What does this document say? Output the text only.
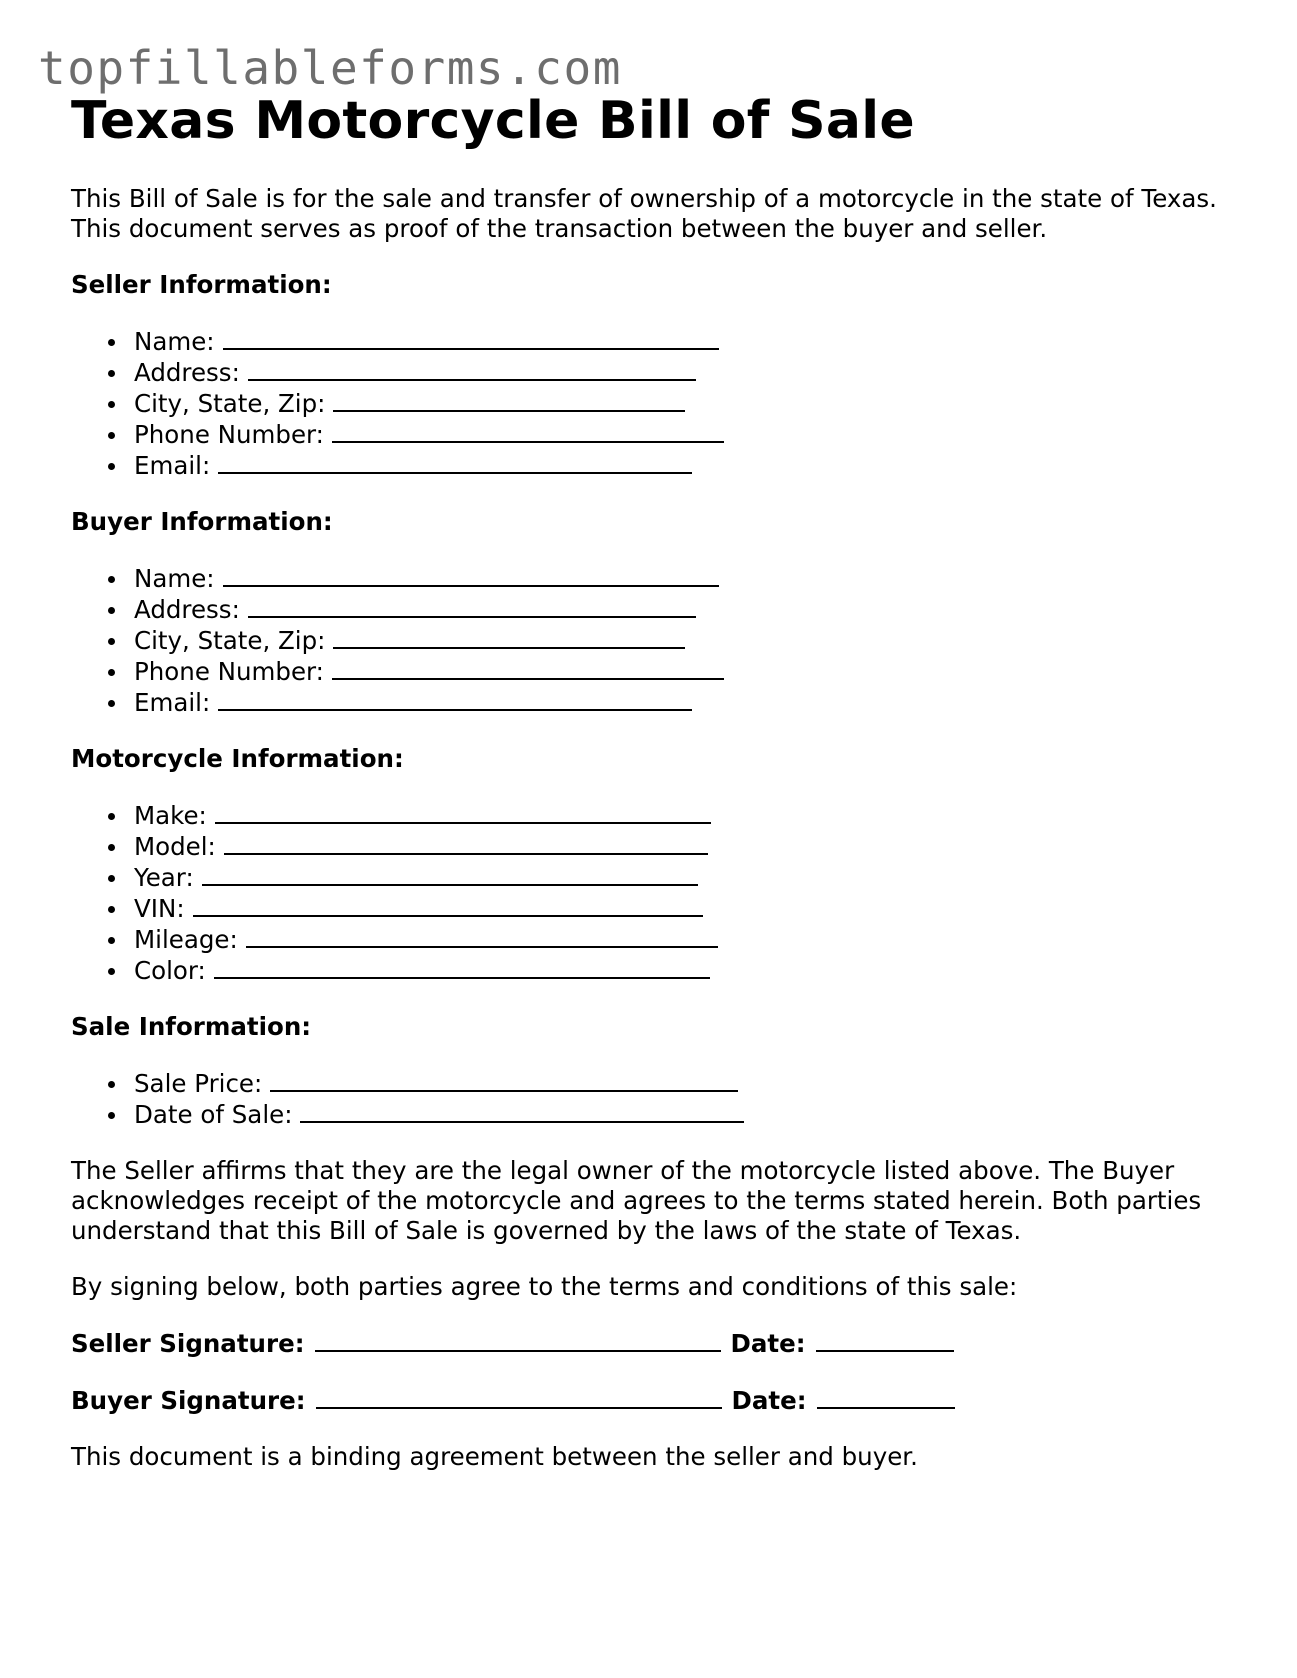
topfillableforms.com
Texas Motorcycle Bill of Sale

This Bill of Sale is for the sale and transfer of ownership of a motorcycle in the state of Texas. This document serves as proof of the transaction between the buyer and seller.

Seller Information:

Name:
Address:
City, State, Zip:
Phone Number:
Email:

Buyer Information:

Name:
Address:
City, State, Zip:
Phone Number:
Email:

Motorcycle Information:

Make:
Model:
Year:
VIN:
Mileage:
Color:

Sale Information:

Sale Price:
Date of Sale:

The Seller affirms that they are the legal owner of the motorcycle listed above. The Buyer acknowledges receipt of the motorcycle and agrees to the terms stated herein. Both parties understand that this Bill of Sale is governed by the laws of the state of Texas.

By signing below, both parties agree to the terms and conditions of this sale:

Seller Signature:	Date:

Buyer Signature:	Date:

This document is a binding agreement between the seller and buyer.
